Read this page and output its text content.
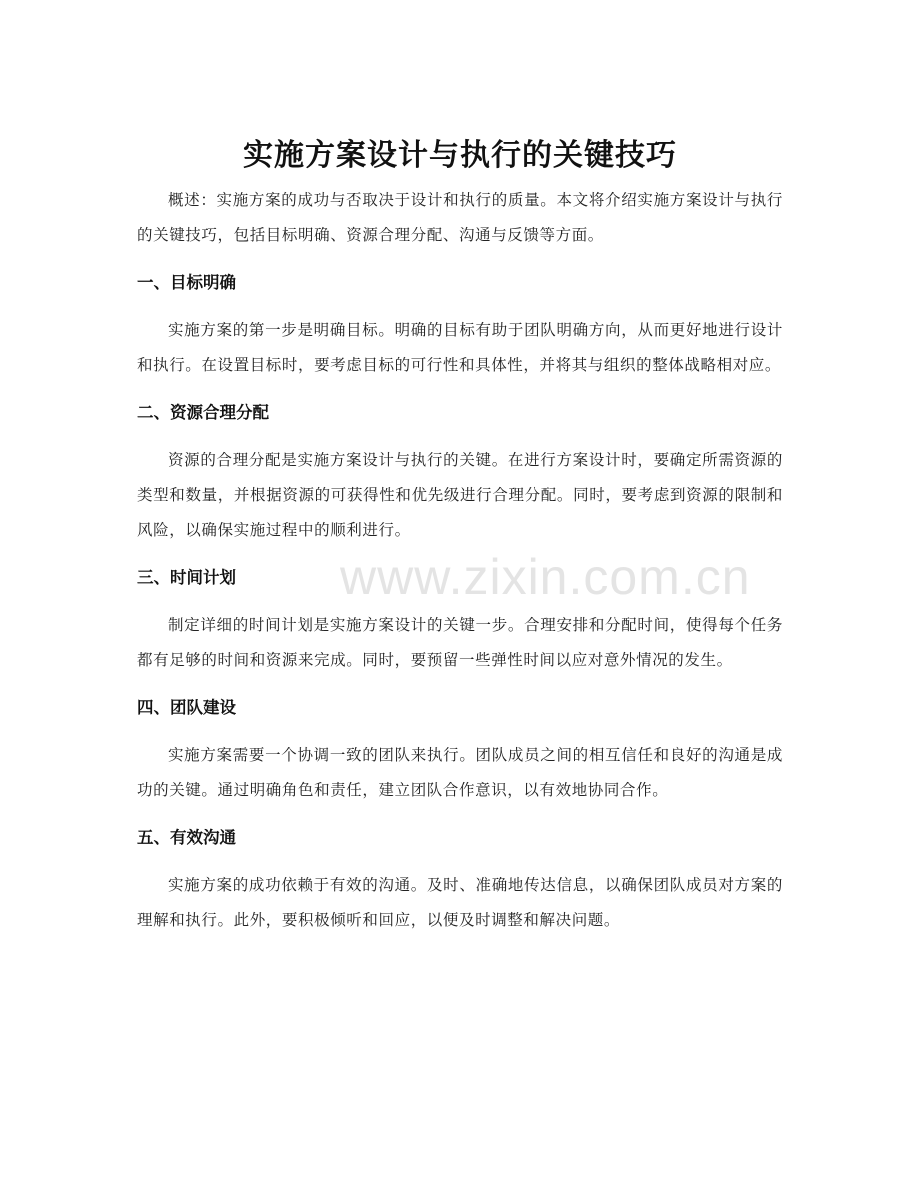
实施方案设计与执行的关键技巧

概述：实施方案的成功与否取决于设计和执行的质量。本文将介绍实施方案设计与执行的关键技巧，包括目标明确、资源合理分配、沟通与反馈等方面。

一、目标明确

实施方案的第一步是明确目标。明确的目标有助于团队明确方向，从而更好地进行设计和执行。在设置目标时，要考虑目标的可行性和具体性，并将其与组织的整体战略相对应。

二、资源合理分配

资源的合理分配是实施方案设计与执行的关键。在进行方案设计时，要确定所需资源的类型和数量，并根据资源的可获得性和优先级进行合理分配。同时，要考虑到资源的限制和风险，以确保实施过程中的顺利进行。

三、时间计划

制定详细的时间计划是实施方案设计的关键一步。合理安排和分配时间，使得每个任务都有足够的时间和资源来完成。同时，要预留一些弹性时间以应对意外情况的发生。

四、团队建设

实施方案需要一个协调一致的团队来执行。团队成员之间的相互信任和良好的沟通是成功的关键。通过明确角色和责任，建立团队合作意识，以有效地协同合作。

五、有效沟通

实施方案的成功依赖于有效的沟通。及时、准确地传达信息，以确保团队成员对方案的理解和执行。此外，要积极倾听和回应，以便及时调整和解决问题。

www.zixin.com.cn
